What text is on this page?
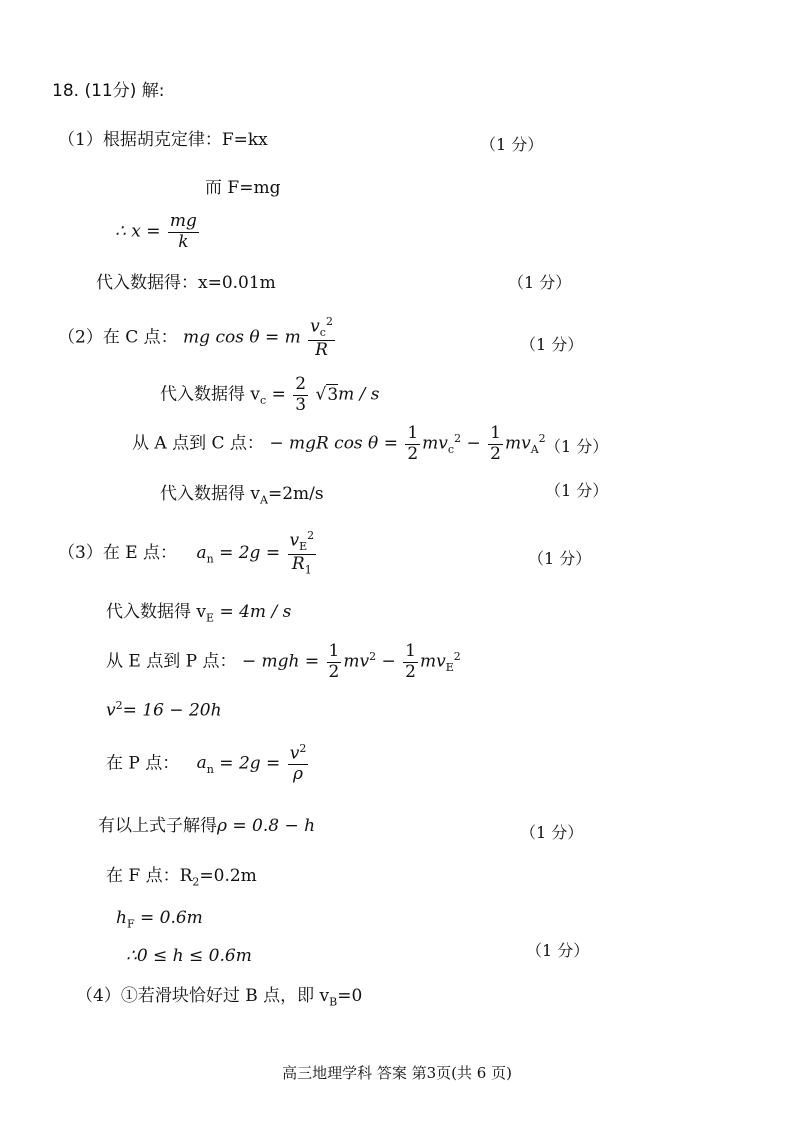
18. (11分) 解:
（1）根据胡克定律：F=kx	（1 分）
而 F=mg
∴ $x = \frac{mg}{k}$
代入数据得：x=0.01m	（1 分）
（2）在 C 点： mg cos θ = m $\frac{v_c^2}{R}$	（1 分）
代入数据得 $v_c = \frac{2}{3} √3m / s$
从 A 点到 C 点： − mgR $\cos \theta = \frac{1}{2} mv_c^2 - \frac{1}{2} mv_A^2$ （1 分）
代入数据得 $v_A=2m/s$	（1 分）
（3）在 E 点： $a_n = 2g = \frac{v_E^2}{R_1}$	（1 分）
代入数据得 $v_E = 4m / s$
从 E 点到 P 点： − mgh = $\frac{1}{2} mv^2 - \frac{1}{2} mv_E^2$
$v^2= 16 - 20h$
在 P 点： $a_n = 2g = \frac{v^2}{\rho}$
有以上式子解得ρ = 0.8 − h	（1 分）
在 F 点：$R_2=0.2m$
$h_F = 0.6m$
∴0 ≤ h ≤ 0.6m	（1 分）
（4）①若滑块恰好过 B 点，即 $v_B=0$
高三地理学科 答案 第3页(共 6 页)
